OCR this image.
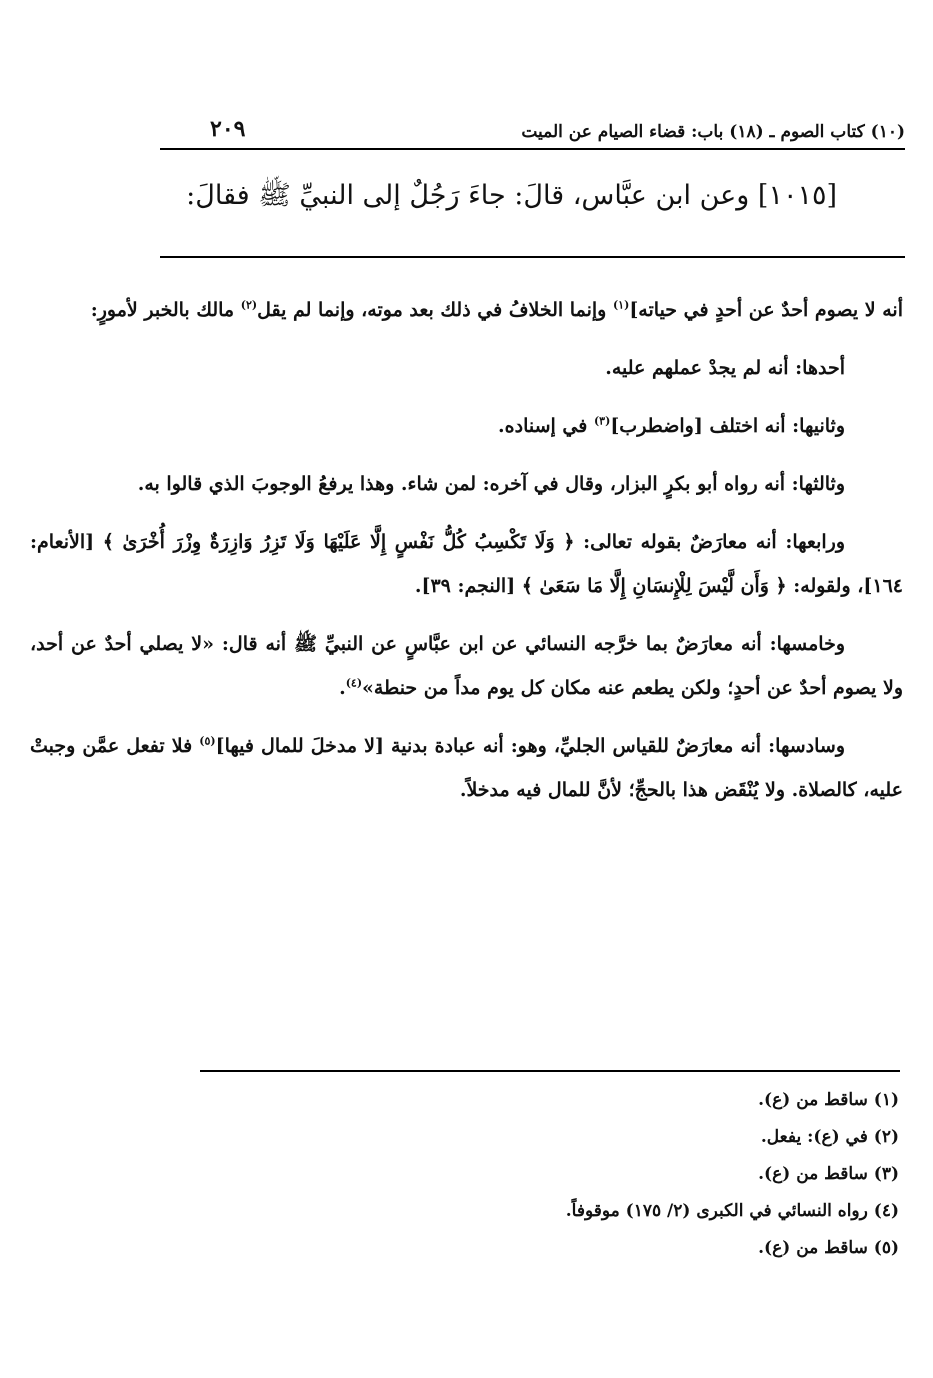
(١٠) كتاب الصوم ـ (١٨) باب: قضاء الصيام عن الميت
٢٠٩
[١٠١٥] وعن ابن عبَّاس، قالَ: جاءَ رَجُلٌ إلى النبيِّ ﷺ فقالَ:

أنه لا يصوم أحدٌ عن أحدٍ في حياته]$^{(١)}$ وإنما الخلافُ في ذلك بعد موته، وإنما لم يقل$^{(٢)}$ مالك بالخبر لأمورٍ:

أحدها: أنه لم يجدْ عملهم عليه.

وثانيها: أنه اختلف [واضطرب]$^{(٣)}$ في إسناده.

وثالثها: أنه رواه أبو بكرٍ البزار، وقال في آخره: لمن شاء. وهذا يرفعُ الوجوبَ الذي قالوا به.

ورابعها: أنه معارَضٌ بقوله تعالى: ﴿ وَلَا تَكْسِبُ كُلُّ نَفْسٍ إِلَّا عَلَيْهَا وَلَا تَزِرُ وَازِرَةٌ وِزْرَ أُخْرَىٰ ﴾ [الأنعام: ١٦٤]، ولقوله: ﴿ وَأَن لَّيْسَ لِلْإِنسَانِ إِلَّا مَا سَعَىٰ ﴾ [النجم: ٣٩].

وخامسها: أنه معارَضٌ بما خرَّجه النسائي عن ابن عبَّاسٍ عن النبيِّ ﷺ أنه قال: «لا يصلي أحدٌ عن أحد، ولا يصوم أحدٌ عن أحدٍ؛ ولكن يطعم عنه مكان كل يوم مداً من حنطة»$^{(٤)}$.

وسادسها: أنه معارَضٌ للقياس الجليِّ، وهو: أنه عبادة بدنية [لا مدخلَ للمال فيها]$^{(٥)}$ فلا تفعل عمَّن وجبتْ عليه، كالصلاة. ولا يُنْقَض هذا بالحجِّ؛ لأنَّ للمال فيه مدخلاً.

(١) ساقط من (ع).
(٢) في (ع): يفعل.
(٣) ساقط من (ع).
(٤) رواه النسائي في الكبرى (٢/ ١٧٥) موقوفاً.
(٥) ساقط من (ع).
